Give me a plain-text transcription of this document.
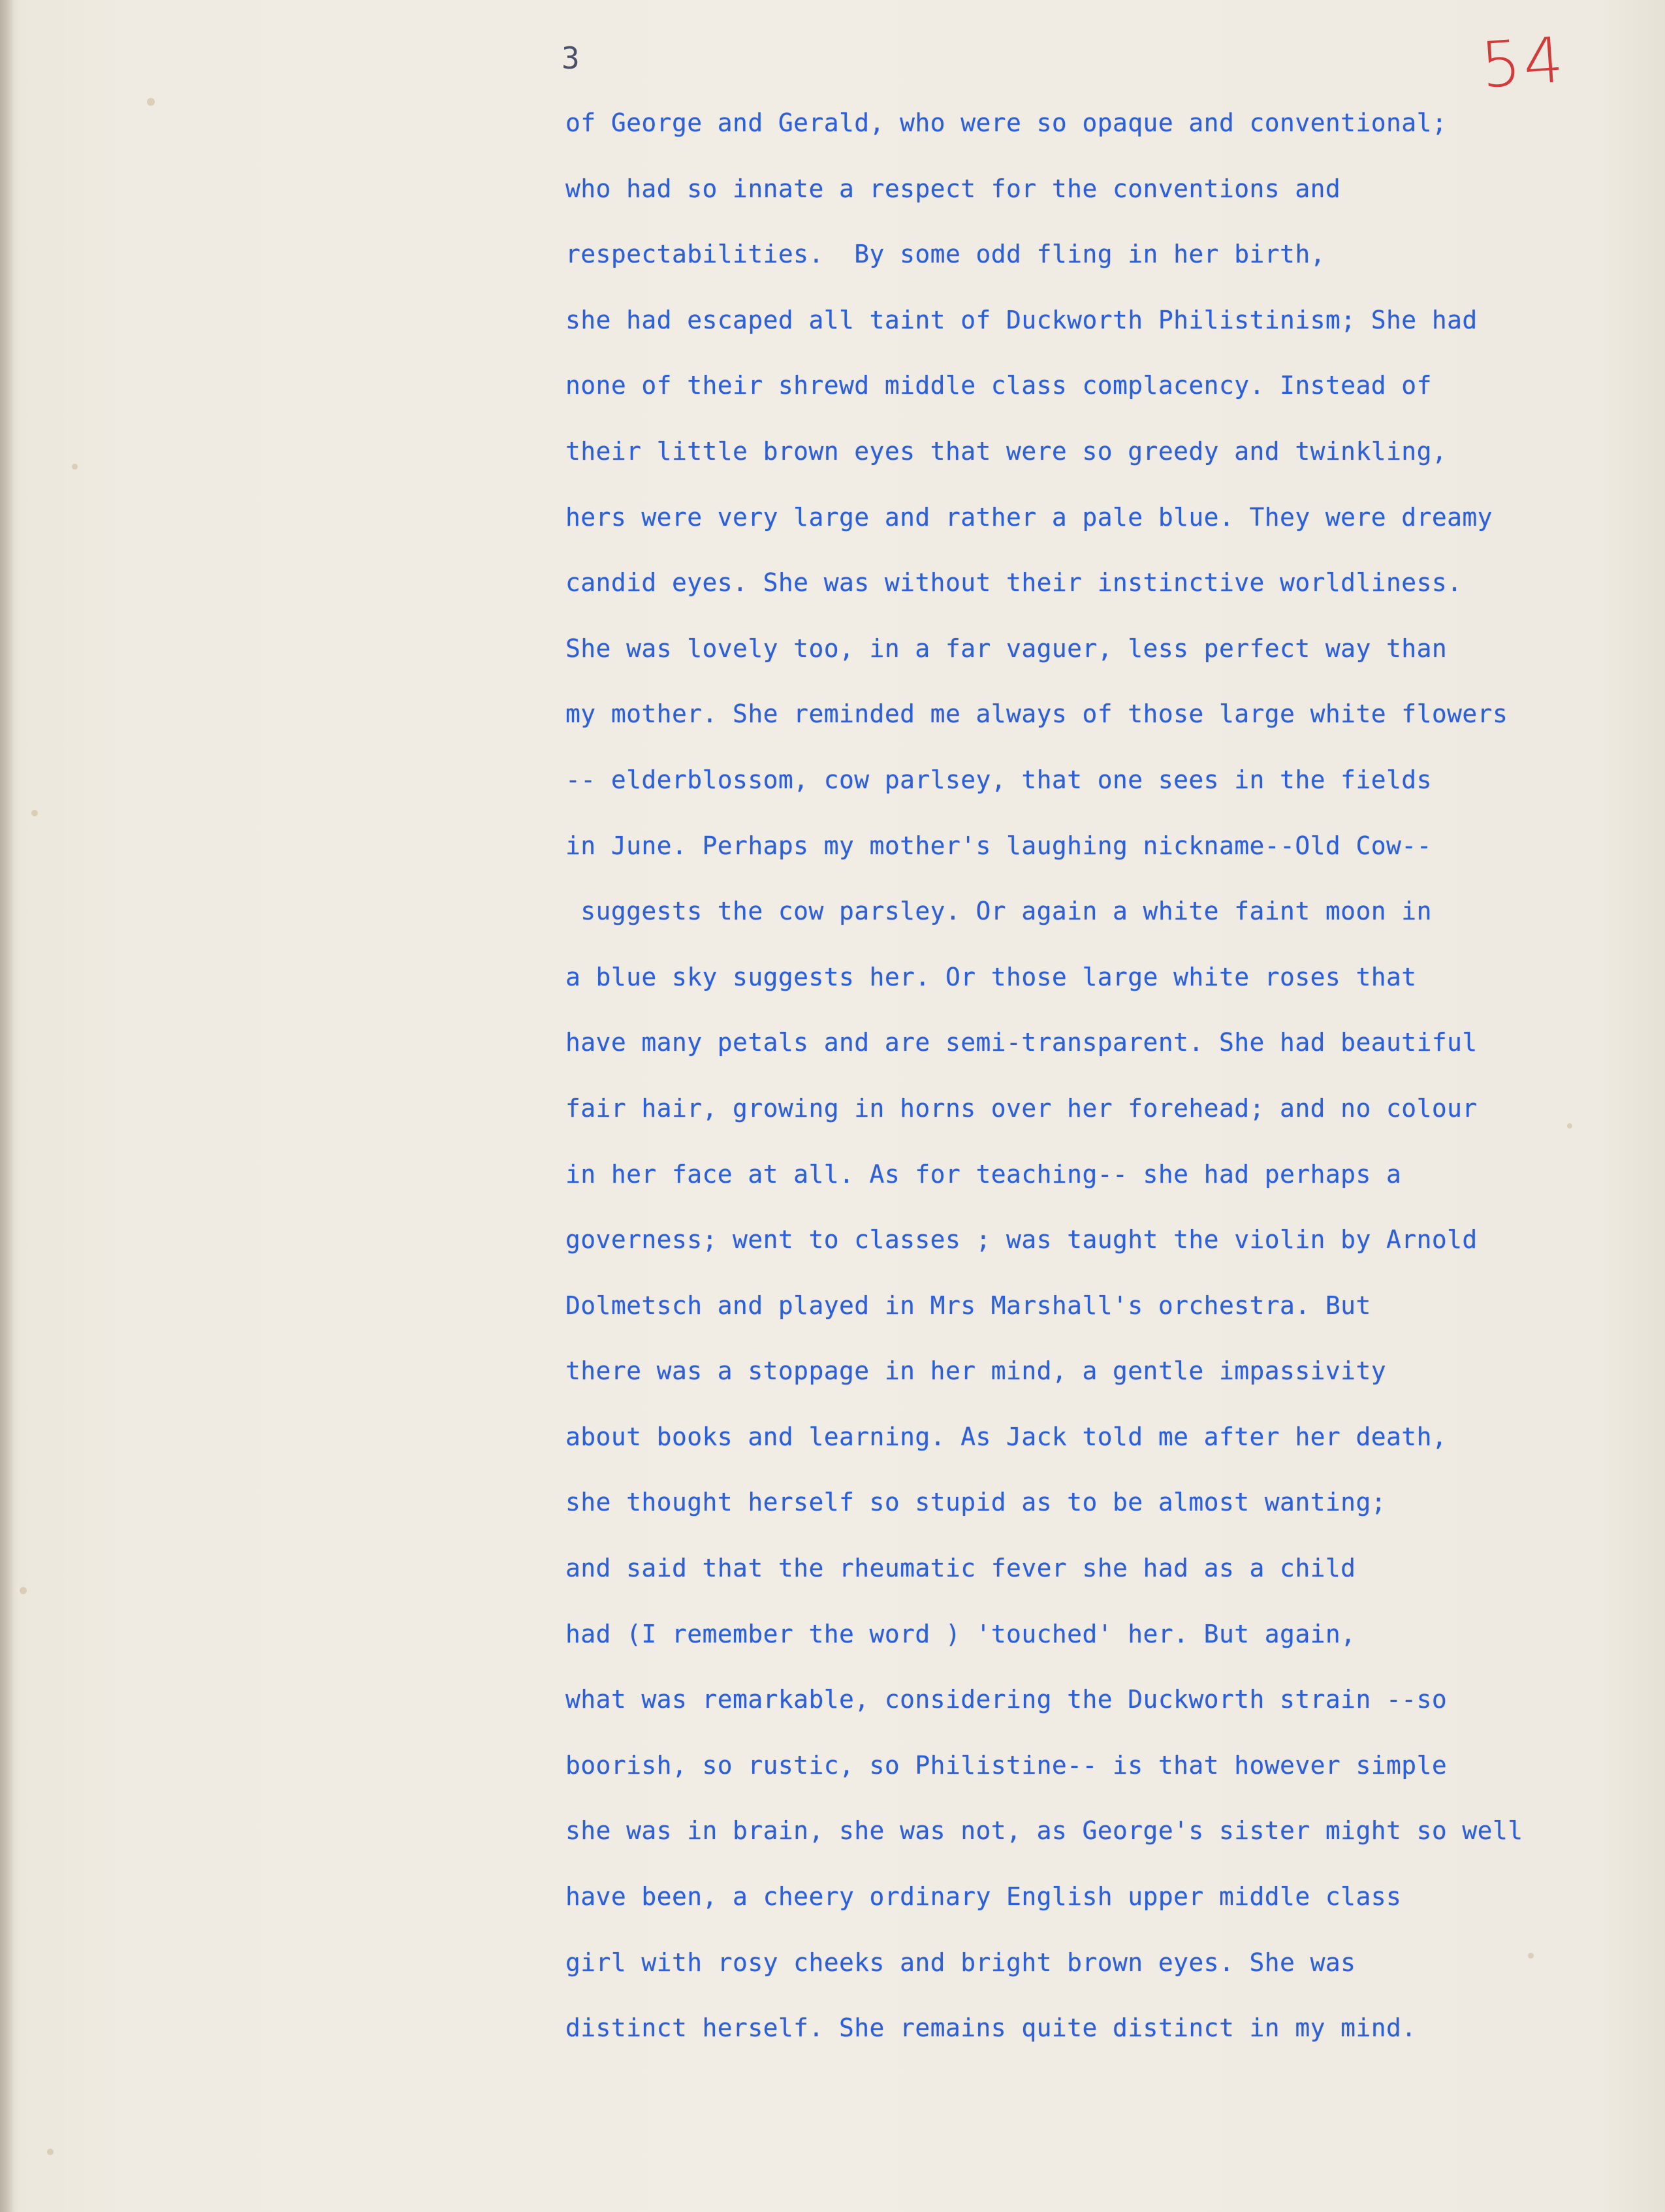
3	54
of George and Gerald, who were so opaque and conventional;
who had so innate a respect for the conventions and
respectabilities.  By some odd fling in her birth,
she had escaped all taint of Duckworth Philistinism; She had
none of their shrewd middle class complacency. Instead of
their little brown eyes that were so greedy and twinkling,
hers were very large and rather a pale blue. They were dreamy
candid eyes. She was without their instinctive worldliness.
She was lovely too, in a far vaguer, less perfect way than
my mother. She reminded me always of those large white flowers
-- elderblossom, cow parlsey, that one sees in the fields
in June. Perhaps my mother's laughing nickname--Old Cow--
suggests the cow parsley. Or again a white faint moon in
a blue sky suggests her. Or those large white roses that
have many petals and are semi-transparent. She had beautiful
fair hair, growing in horns over her forehead; and no colour
in her face at all. As for teaching-- she had perhaps a
governess; went to classes ; was taught the violin by Arnold
Dolmetsch and played in Mrs Marshall's orchestra. But
there was a stoppage in her mind, a gentle impassivity
about books and learning. As Jack told me after her death,
she thought herself so stupid as to be almost wanting;
and said that the rheumatic fever she had as a child
had (I remember the word ) 'touched' her. But again,
what was remarkable, considering the Duckworth strain --so
boorish, so rustic, so Philistine-- is that however simple
she was in brain, she was not, as George's sister might so well
have been, a cheery ordinary English upper middle class
girl with rosy cheeks and bright brown eyes. She was
distinct herself. She remains quite distinct in my mind.
